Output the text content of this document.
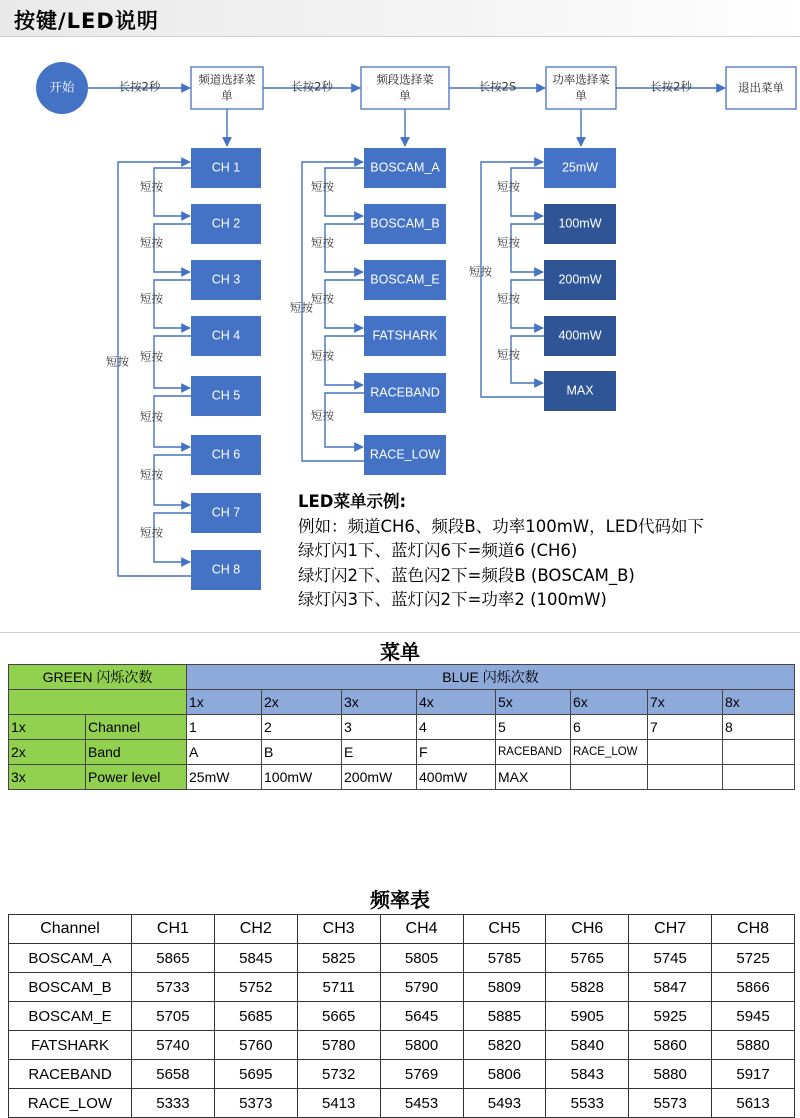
按键/LED说明
开始
频道选择菜
单
频段选择菜
单
功率选择菜
单
退出菜单
长按2秒	长按2秒	长按2S	长按2秒
CH 1
CH 2
CH 3
CH 4
CH 5
CH 6
CH 7
CH 8
短按
短按
短按
短按
短按
短按
短按
短按
BOSCAM_A
BOSCAM_B
BOSCAM_E
FATSHARK
RACEBAND
RACE_LOW
短按
短按
短按
短按
短按
短按
25mW
100mW
200mW
400mW
MAX
短按
短按
短按
短按
短按
LED菜单示例:
例如：频道CH6、频段B、功率100mW，LED代码如下
绿灯闪1下、蓝灯闪6下=频道6 (CH6)
绿灯闪2下、蓝色闪2下=频段B (BOSCAM_B)
绿灯闪3下、蓝灯闪2下=功率2 (100mW)
菜单
GREEN 闪烁次数		BLUE 闪烁次数							
		1x	2x	3x	4x	5x	6x	7x	8x
1x	Channel	1	2	3	4	5	6	7	8
2x	Band	A	B	E	F	RACEBAND	RACE_LOW		
3x	Power level	25mW	100mW	200mW	400mW	MAX			
频率表
Channel	CH1	CH2	CH3	CH4	CH5	CH6	CH7	CH8
BOSCAM_A	5865	5845	5825	5805	5785	5765	5745	5725
BOSCAM_B	5733	5752	5711	5790	5809	5828	5847	5866
BOSCAM_E	5705	5685	5665	5645	5885	5905	5925	5945
FATSHARK	5740	5760	5780	5800	5820	5840	5860	5880
RACEBAND	5658	5695	5732	5769	5806	5843	5880	5917
RACE_LOW	5333	5373	5413	5453	5493	5533	5573	5613
